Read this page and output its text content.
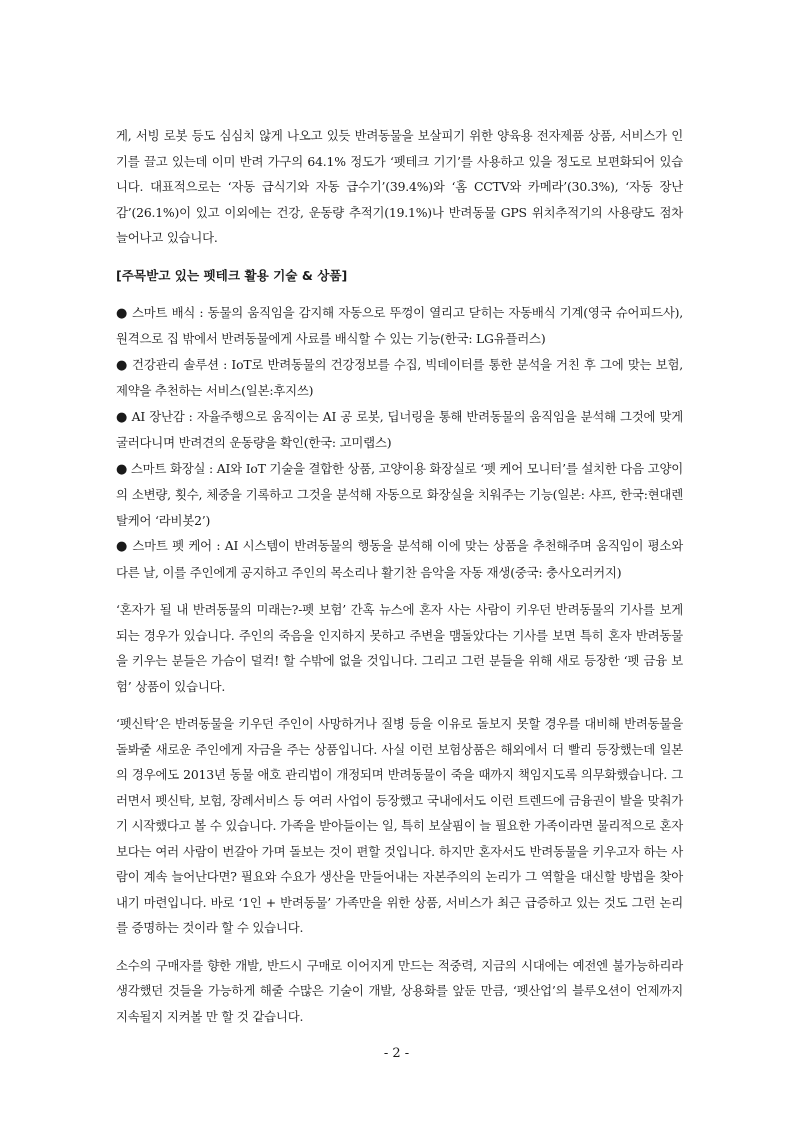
게, 서빙 로봇 등도 심심치 않게 나오고 있듯 반려동물을 보살피기 위한 양육용 전자제품 상품, 서비스가 인기를 끌고 있는데 이미 반려 가구의 64.1% 정도가 ‘펫테크 기기’를 사용하고 있을 정도로 보편화되어 있습니다. 대표적으로는 ‘자동 급식기와 자동 급수기’(39.4%)와 ‘홈 CCTV와 카메라’(30.3%), ‘자동 장난감’(26.1%)이 있고 이외에는 건강, 운동량 추적기(19.1%)나 반려동물 GPS 위치추적기의 사용량도 점차 늘어나고 있습니다.

[주목받고 있는 펫테크 활용 기술 & 상품]

● 스마트 배식 : 동물의 움직임을 감지해 자동으로 뚜껑이 열리고 닫히는 자동배식 기계(영국 슈어피드사), 원격으로 집 밖에서 반려동물에게 사료를 배식할 수 있는 기능(한국: LG유플러스)

● 건강관리 솔루션 : IoT로 반려동물의 건강정보를 수집, 빅데이터를 통한 분석을 거친 후 그에 맞는 보험, 제약을 추천하는 서비스(일본:후지쓰)

● AI 장난감 : 자율주행으로 움직이는 AI 공 로봇, 딥너링을 통해 반려동물의 움직임을 분석해 그것에 맞게 굴러다니며 반려견의 운동량을 확인(한국: 고미랩스)

● 스마트 화장실 : AI와 IoT 기술을 결합한 상품, 고양이용 화장실로 ‘펫 케어 모니터’를 설치한 다음 고양이의 소변량, 횟수, 체중을 기록하고 그것을 분석해 자동으로 화장실을 치워주는 기능(일본: 샤프, 한국:현대렌탈케어 ‘라비봇2’)

● 스마트 펫 케어 : AI 시스템이 반려동물의 행동을 분석해 이에 맞는 상품을 추천해주며 움직임이 평소와 다른 날, 이를 주인에게 공지하고 주인의 목소리나 활기찬 음악을 자동 재생(중국: 충사오러커지)

‘혼자가 될 내 반려동물의 미래는?-펫 보험’ 간혹 뉴스에 혼자 사는 사람이 키우던 반려동물의 기사를 보게 되는 경우가 있습니다. 주인의 죽음을 인지하지 못하고 주변을 맴돌았다는 기사를 보면 특히 혼자 반려동물을 키우는 분들은 가슴이 덜컥! 할 수밖에 없을 것입니다. 그리고 그런 분들을 위해 새로 등장한 ‘펫 금융 보험’ 상품이 있습니다.

‘펫신탁’은 반려동물을 키우던 주인이 사망하거나 질병 등을 이유로 돌보지 못할 경우를 대비해 반려동물을 돌봐줄 새로운 주인에게 자금을 주는 상품입니다. 사실 이런 보험상품은 해외에서 더 빨리 등장했는데 일본의 경우에도 2013년 동물 애호 관리법이 개정되며 반려동물이 죽을 때까지 책임지도록 의무화했습니다. 그러면서 펫신탁, 보험, 장례서비스 등 여러 사업이 등장했고 국내에서도 이런 트렌드에 금융권이 발을 맞춰가기 시작했다고 볼 수 있습니다. 가족을 받아들이는 일, 특히 보살핌이 늘 필요한 가족이라면 물리적으로 혼자보다는 여러 사람이 번갈아 가며 돌보는 것이 편할 것입니다. 하지만 혼자서도 반려동물을 키우고자 하는 사람이 계속 늘어난다면? 필요와 수요가 생산을 만들어내는 자본주의의 논리가 그 역할을 대신할 방법을 찾아내기 마련입니다. 바로 ‘1인 + 반려동물’ 가족만을 위한 상품, 서비스가 최근 급증하고 있는 것도 그런 논리를 증명하는 것이라 할 수 있습니다.

소수의 구매자를 향한 개발, 반드시 구매로 이어지게 만드는 적중력, 지금의 시대에는 예전엔 불가능하리라 생각했던 것들을 가능하게 해줄 수많은 기술이 개발, 상용화를 앞둔 만큼, ‘펫산업’의 블루오션이 언제까지 지속될지 지켜볼 만 할 것 같습니다.

- 2 -
